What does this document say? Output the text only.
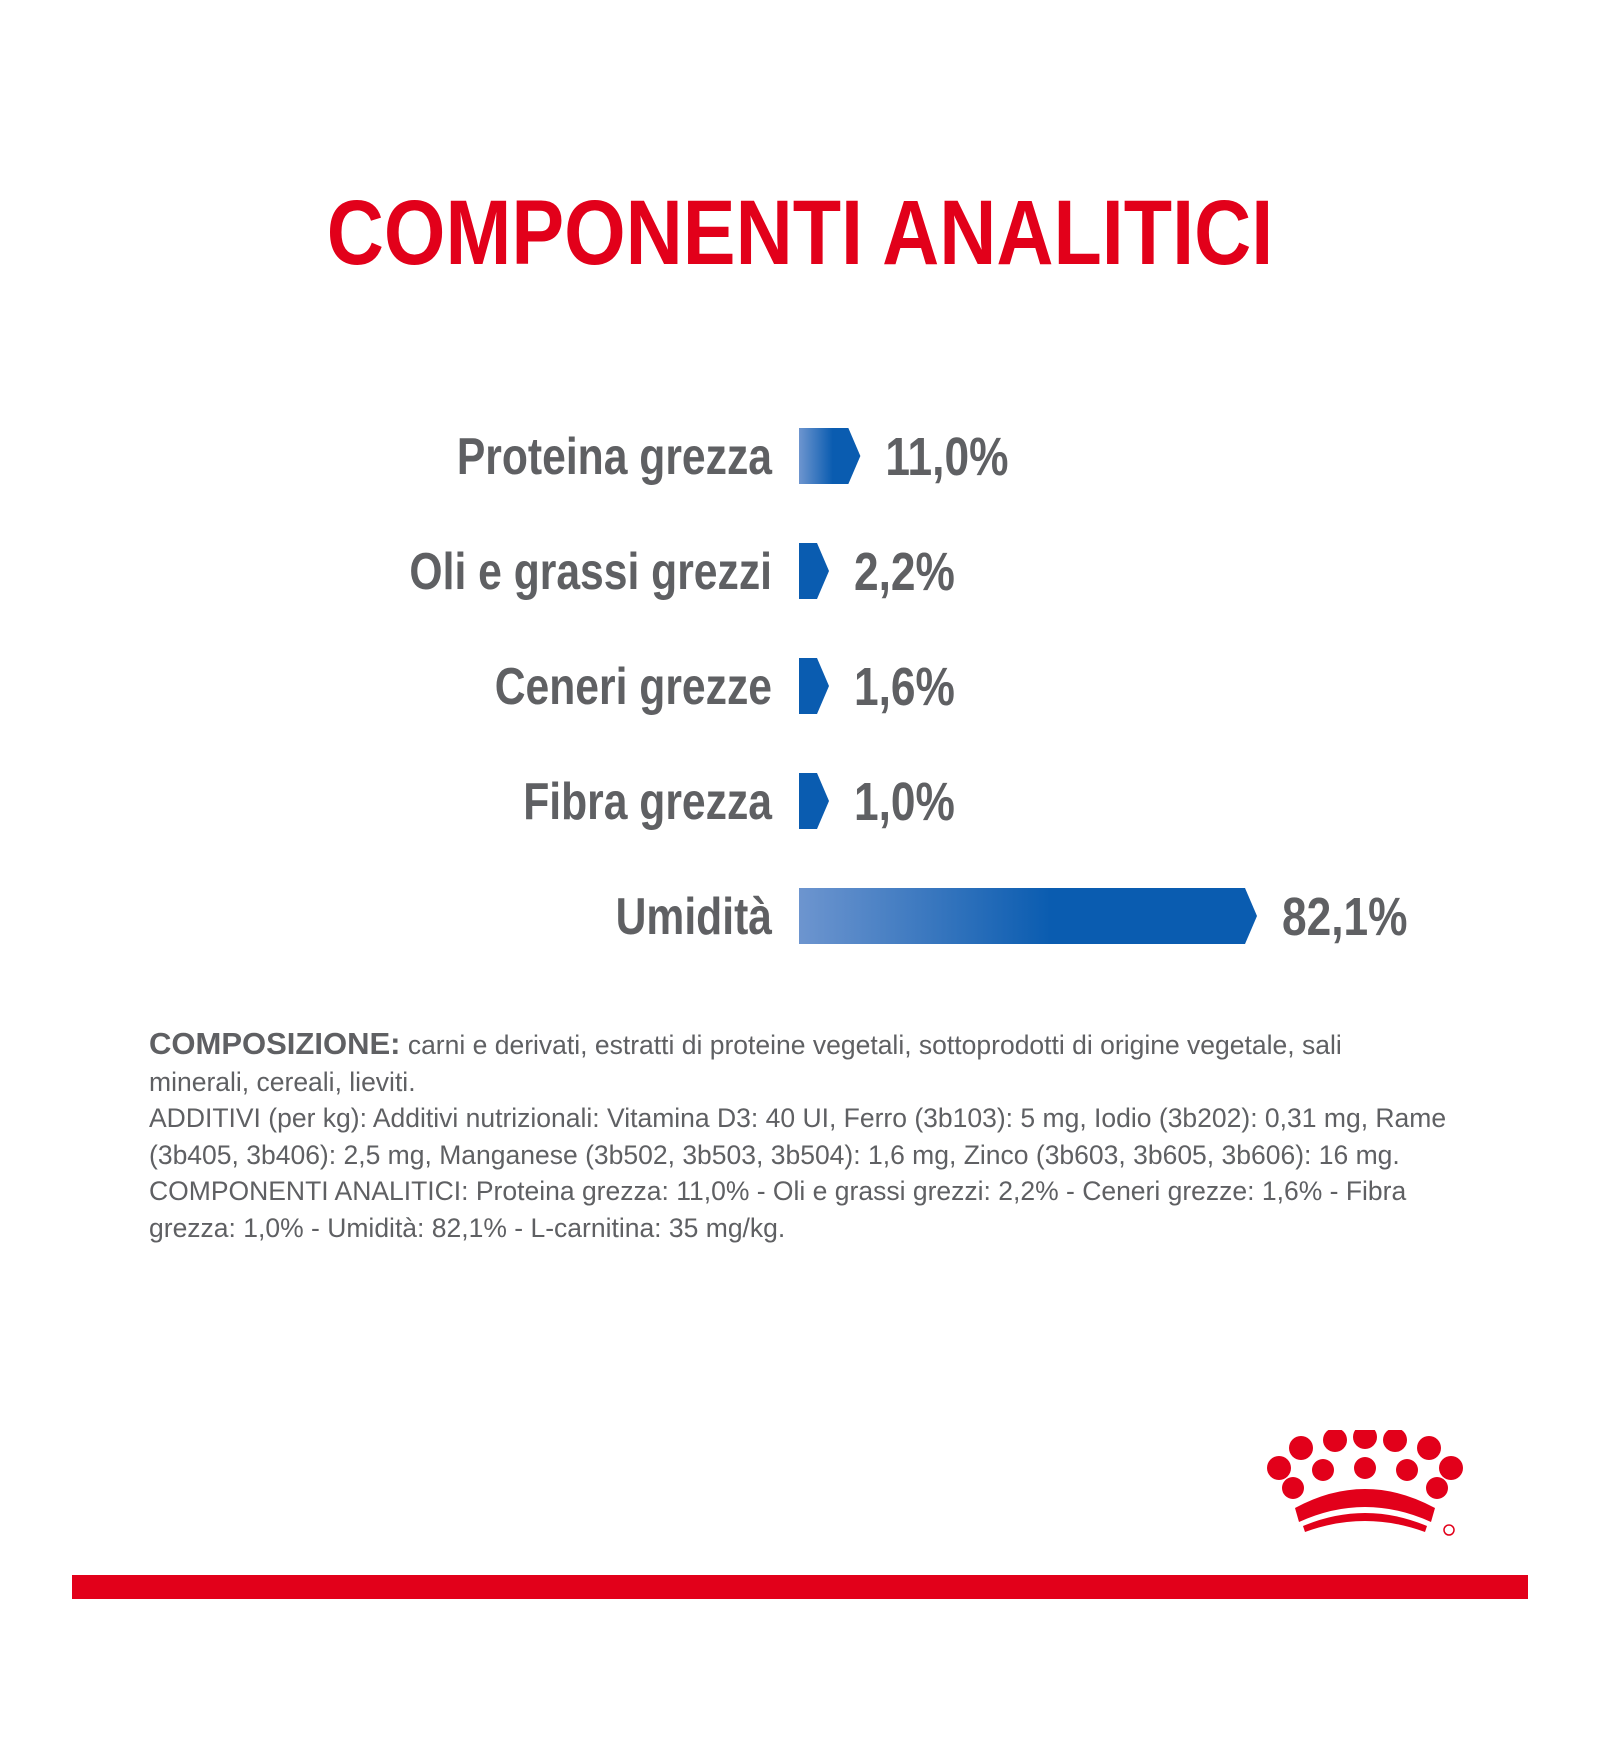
COMPONENTI ANALITICI
Proteina grezza 11,0%
Oli e grassi grezzi 2,2%
Ceneri grezze 1,6%
Fibra grezza 1,0%
Umidità	82,1%

COMPOSIZIONE: carni e derivati, estratti di proteine vegetali, sottoprodotti di origine vegetale, sali minerali, cereali, lieviti.

ADDITIVI (per kg): Additivi nutrizionali: Vitamina D3: 40 UI, Ferro (3b103): 5 mg, Iodio (3b202): 0,31 mg, Rame (3b405, 3b406): 2,5 mg, Manganese (3b502, 3b503, 3b504): 1,6 mg, Zinco (3b603, 3b605, 3b606): 16 mg.

COMPONENTI ANALITICI: Proteina grezza: 11,0% - Oli e grassi grezzi: 2,2% - Ceneri grezze: 1,6% - Fibra grezza: 1,0% - Umidità: 82,1% - L-carnitina: 35 mg/kg.
